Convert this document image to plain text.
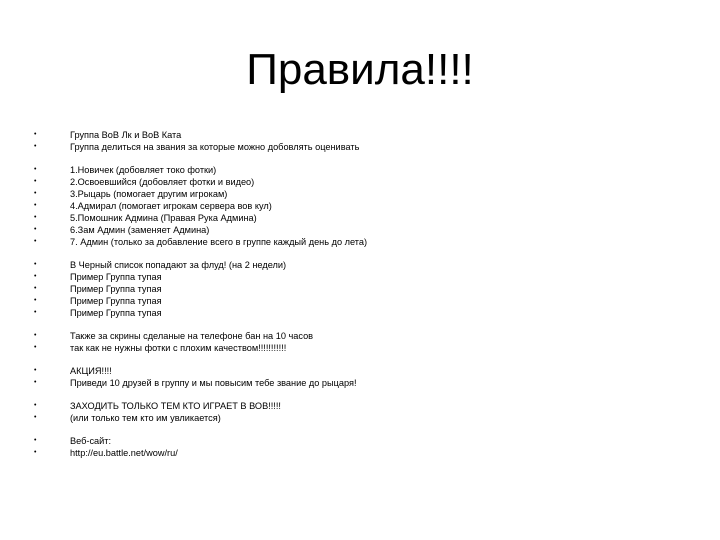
Правила!!!!
•	Группа ВоВ Лк и ВоВ Ката
•	Группа делиться на звания за которые можно добовлять оценивать
•	1.Новичек (добовляет токо фотки)
•	2.Освоевшийся (добовляет фотки и видео)
•	3.Рыцарь (помогает другим игрокам)
•	4.Адмирал (помогает игрокам сервера вов кул)
•	5.Помошник Админа (Правая Рука Админа)
•	6.Зам Админ (заменяет Админа)
•	7. Админ (только за добавление всего в группе каждый день до лета)
•	В Черный список попадают за флуд! (на 2 недели)
•	Пример Группа тупая
•	Пример Группа тупая
•	Пример Группа тупая
•	Пример Группа тупая
•	Также за скрины сделаные на телефоне бан на 10 часов
•	так как не нужны фотки с плохим качеством!!!!!!!!!!!
•	АКЦИЯ!!!!
•	Приведи 10 друзей в группу и мы повысим тебе звание до рыцаря!
•	ЗАХОДИТЬ ТОЛЬКО ТЕМ КТО ИГРАЕТ В ВОВ!!!!!
•	(или только тем кто им увликается)
•	Веб-сайт:
•	http://eu.battle.net/wow/ru/
